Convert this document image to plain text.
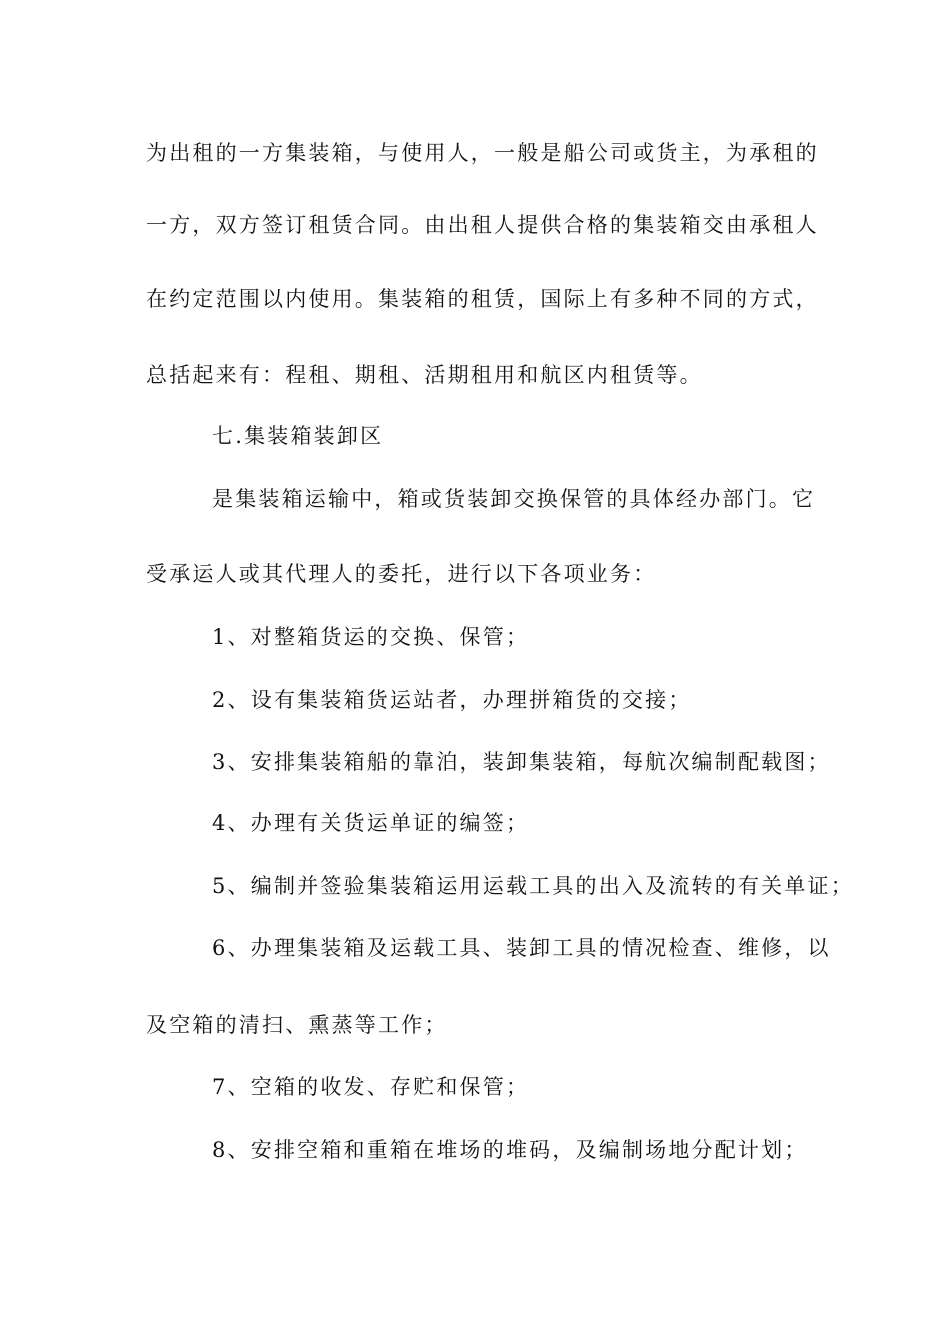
为出租的一方集装箱，与使用人，一般是船公司或货主，为承租的
一方，双方签订租赁合同。由出租人提供合格的集装箱交由承租人
在约定范围以内使用。集装箱的租赁，国际上有多种不同的方式，
总括起来有：程租、期租、活期租用和航区内租赁等。
七.集装箱装卸区
是集装箱运输中，箱或货装卸交换保管的具体经办部门。它
受承运人或其代理人的委托，进行以下各项业务：
1、对整箱货运的交换、保管；
2、设有集装箱货运站者，办理拼箱货的交接；
3、安排集装箱船的靠泊，装卸集装箱，每航次编制配载图；
4、办理有关货运单证的编签；
5、编制并签验集装箱运用运载工具的出入及流转的有关单证；
6、办理集装箱及运载工具、装卸工具的情况检查、维修，以
及空箱的清扫、熏蒸等工作；
7、空箱的收发、存贮和保管；
8、安排空箱和重箱在堆场的堆码，及编制场地分配计划；
